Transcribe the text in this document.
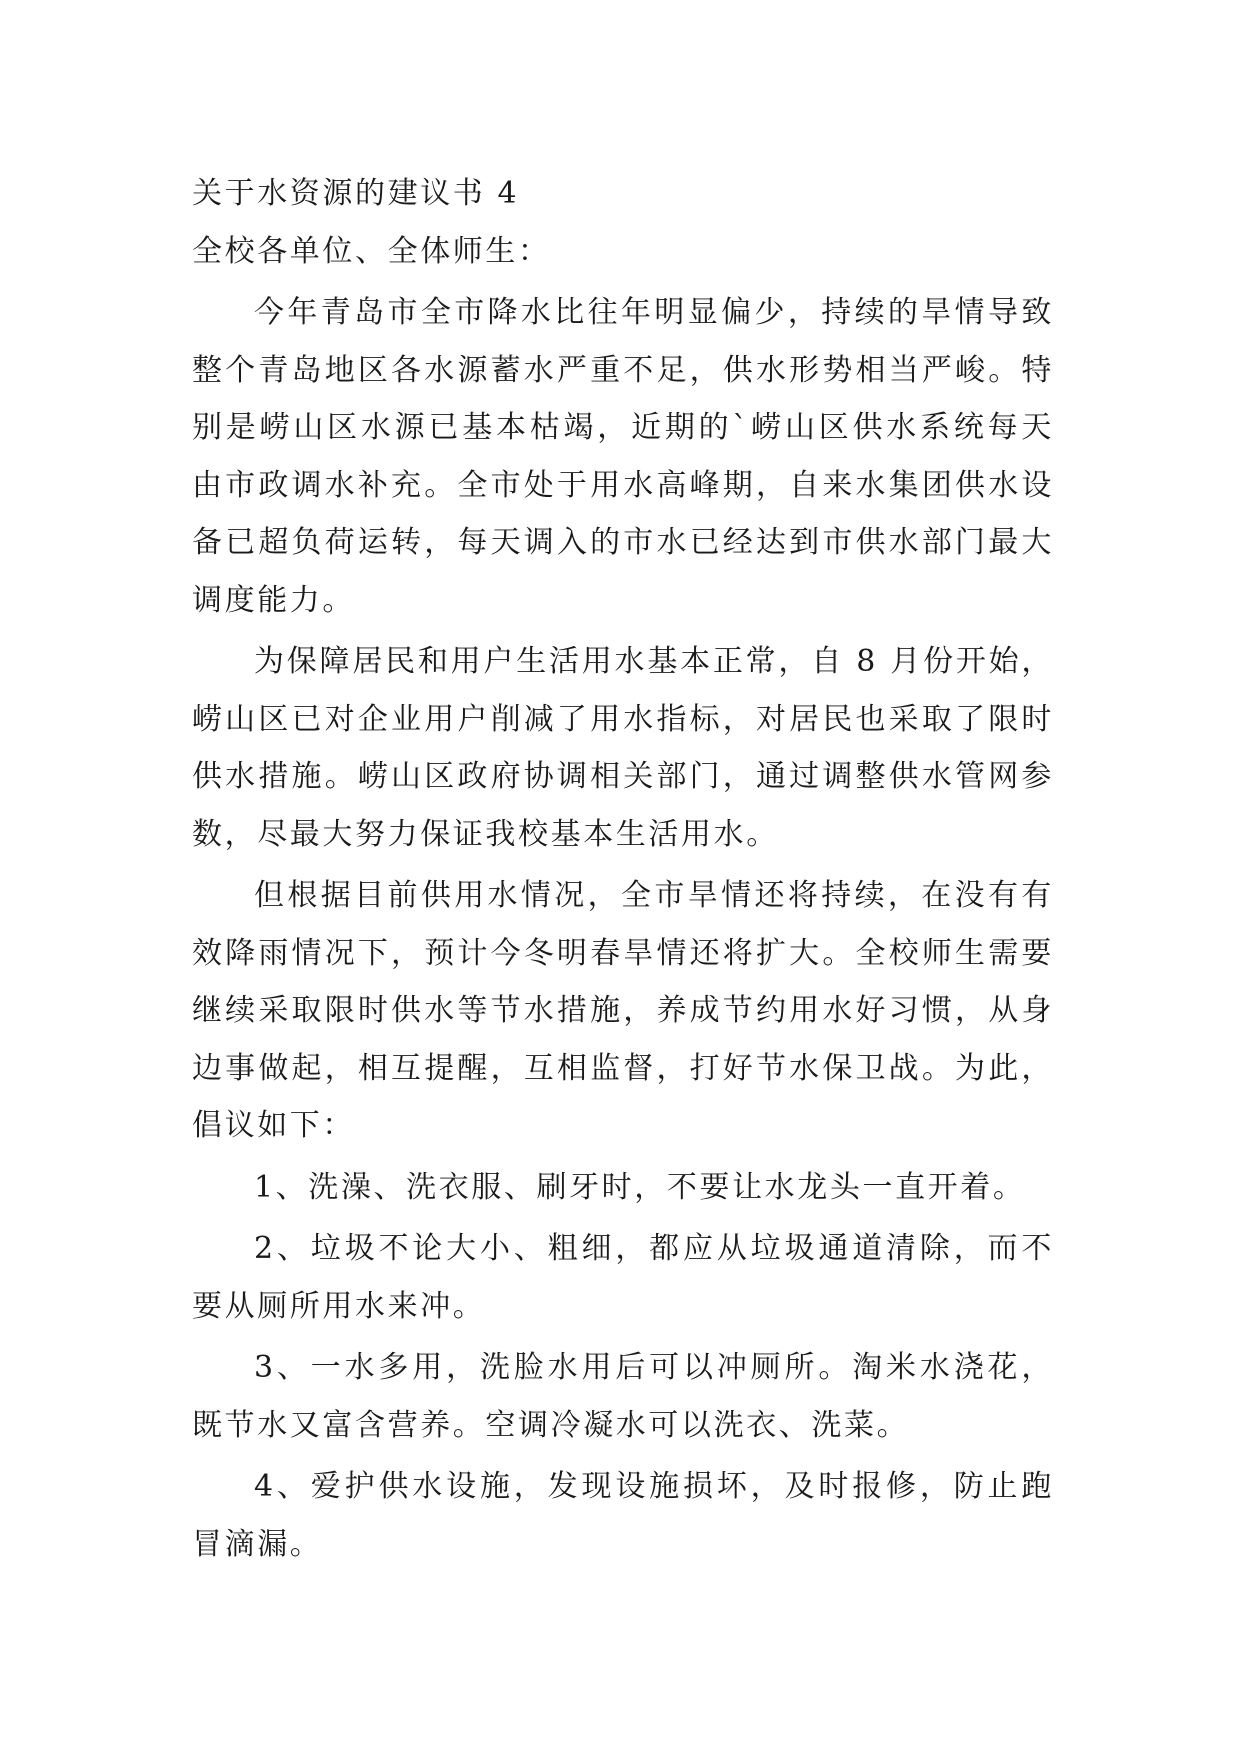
关于水资源的建议书 4
全校各单位、全体师生：

今年青岛市全市降水比往年明显偏少，持续的旱情导致整个青岛地区各水源蓄水严重不足，供水形势相当严峻。特别是崂山区水源已基本枯竭，近期的`崂山区供水系统每天由市政调水补充。全市处于用水高峰期，自来水集团供水设备已超负荷运转，每天调入的市水已经达到市供水部门最大调度能力。

为保障居民和用户生活用水基本正常，自 8 月份开始，崂山区已对企业用户削减了用水指标，对居民也采取了限时供水措施。崂山区政府协调相关部门，通过调整供水管网参数，尽最大努力保证我校基本生活用水。

但根据目前供用水情况，全市旱情还将持续，在没有有效降雨情况下，预计今冬明春旱情还将扩大。全校师生需要继续采取限时供水等节水措施，养成节约用水好习惯，从身边事做起，相互提醒，互相监督，打好节水保卫战。为此，倡议如下：

1、洗澡、洗衣服、刷牙时，不要让水龙头一直开着。

2、垃圾不论大小、粗细，都应从垃圾通道清除，而不要从厕所用水来冲。

3、一水多用，洗脸水用后可以冲厕所。淘米水浇花，既节水又富含营养。空调冷凝水可以洗衣、洗菜。

4、爱护供水设施，发现设施损坏，及时报修，防止跑冒滴漏。
